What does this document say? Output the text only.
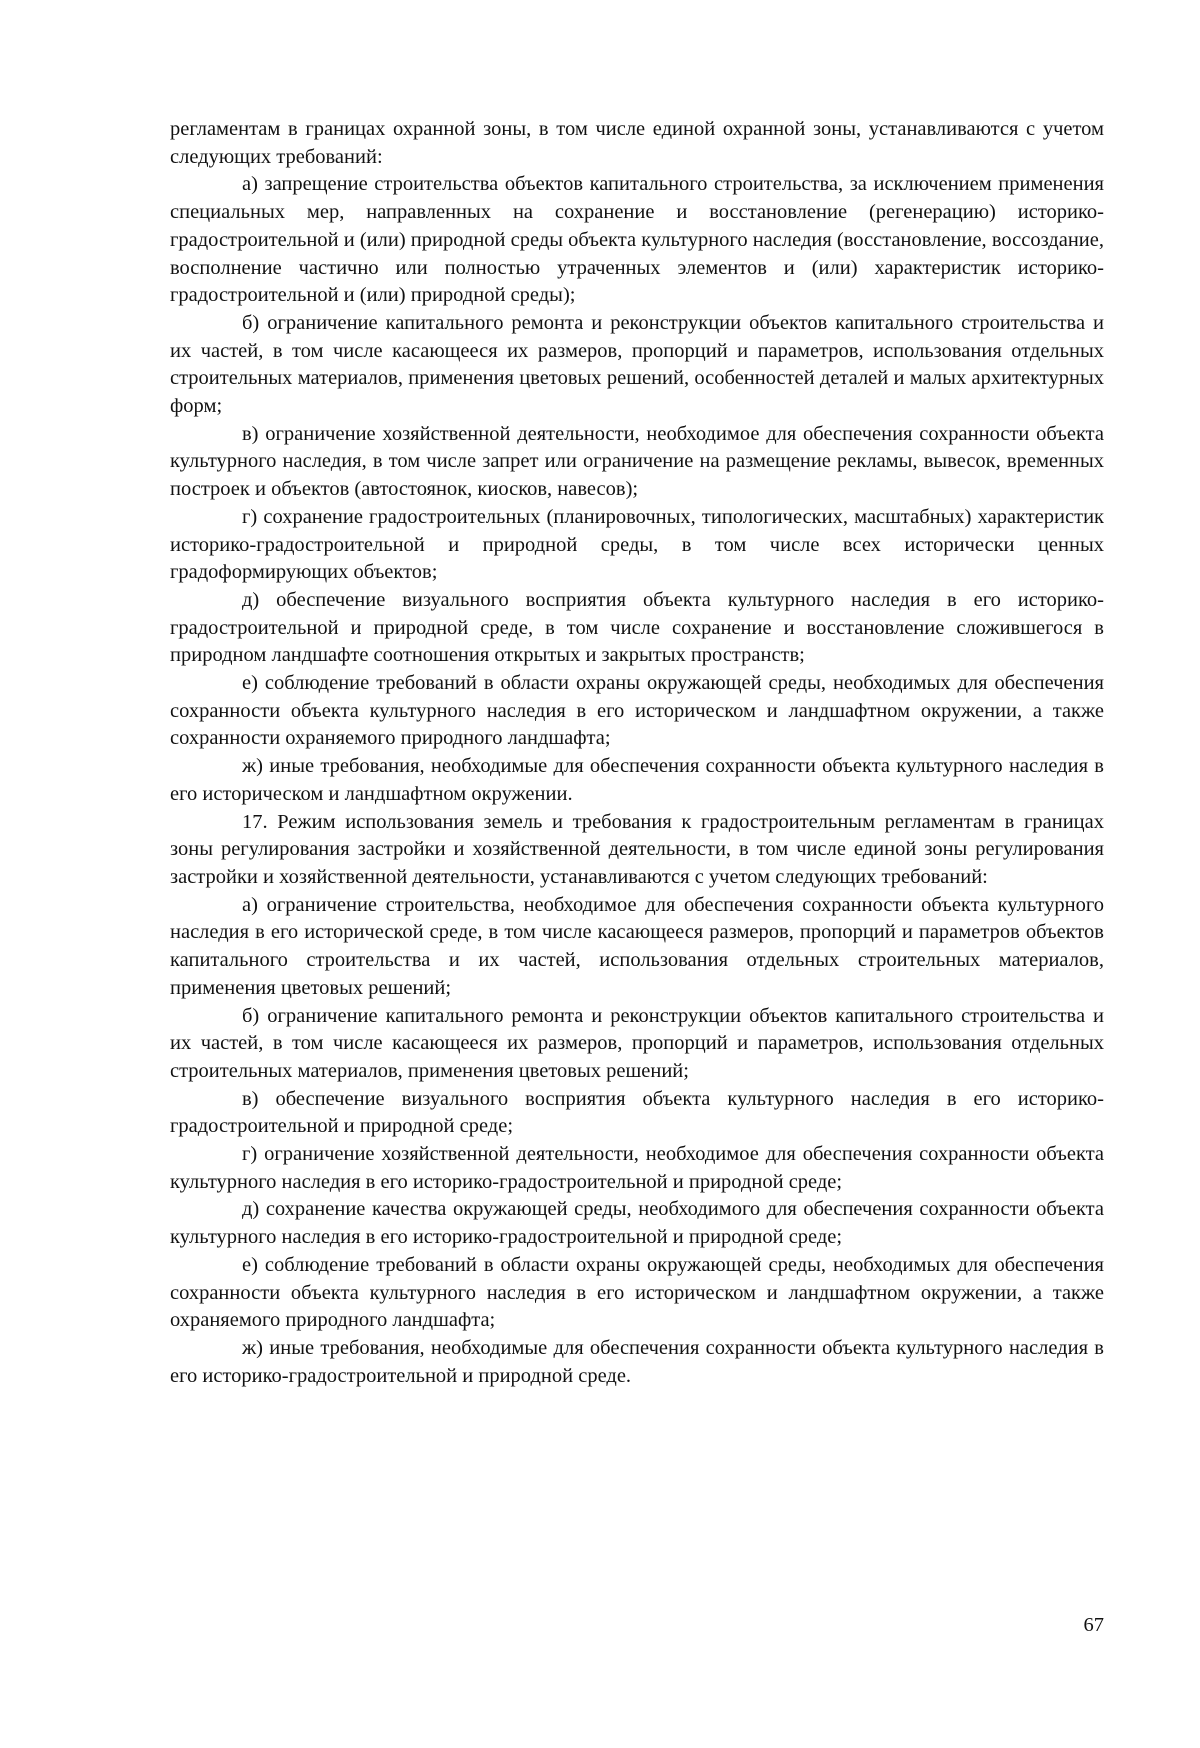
регламентам в границах охранной зоны, в том числе единой охранной зоны, устанавливаются с учетом следующих требований:

а) запрещение строительства объектов капитального строительства, за исключением применения специальных мер, направленных на сохранение и восстановление (регенерацию) историко-градостроительной и (или) природной среды объекта культурного наследия (восстановление, воссоздание, восполнение частично или полностью утраченных элементов и (или) характеристик историко-градостроительной и (или) природной среды);

б) ограничение капитального ремонта и реконструкции объектов капитального строительства и их частей, в том числе касающееся их размеров, пропорций и параметров, использования отдельных строительных материалов, применения цветовых решений, особенностей деталей и малых архитектурных форм;

в) ограничение хозяйственной деятельности, необходимое для обеспечения сохранности объекта культурного наследия, в том числе запрет или ограничение на размещение рекламы, вывесок, временных построек и объектов (автостоянок, киосков, навесов);

г) сохранение градостроительных (планировочных, типологических, масштабных) характеристик историко-градостроительной и природной среды, в том числе всех исторически ценных градоформирующих объектов;

д) обеспечение визуального восприятия объекта культурного наследия в его историко-градостроительной и природной среде, в том числе сохранение и восстановление сложившегося в природном ландшафте соотношения открытых и закрытых пространств;

е) соблюдение требований в области охраны окружающей среды, необходимых для обеспечения сохранности объекта культурного наследия в его историческом и ландшафтном окружении, а также сохранности охраняемого природного ландшафта;

ж) иные требования, необходимые для обеспечения сохранности объекта культурного наследия в его историческом и ландшафтном окружении.

17. Режим использования земель и требования к градостроительным регламентам в границах зоны регулирования застройки и хозяйственной деятельности, в том числе единой зоны регулирования застройки и хозяйственной деятельности, устанавливаются с учетом следующих требований:

а) ограничение строительства, необходимое для обеспечения сохранности объекта культурного наследия в его исторической среде, в том числе касающееся размеров, пропорций и параметров объектов капитального строительства и их частей, использования отдельных строительных материалов, применения цветовых решений;

б) ограничение капитального ремонта и реконструкции объектов капитального строительства и их частей, в том числе касающееся их размеров, пропорций и параметров, использования отдельных строительных материалов, применения цветовых решений;

в) обеспечение визуального восприятия объекта культурного наследия в его историко-градостроительной и природной среде;

г) ограничение хозяйственной деятельности, необходимое для обеспечения сохранности объекта культурного наследия в его историко-градостроительной и природной среде;

д) сохранение качества окружающей среды, необходимого для обеспечения сохранности объекта культурного наследия в его историко-градостроительной и природной среде;

е) соблюдение требований в области охраны окружающей среды, необходимых для обеспечения сохранности объекта культурного наследия в его историческом и ландшафтном окружении, а также охраняемого природного ландшафта;

ж) иные требования, необходимые для обеспечения сохранности объекта культурного наследия в его историко-градостроительной и природной среде.

67
